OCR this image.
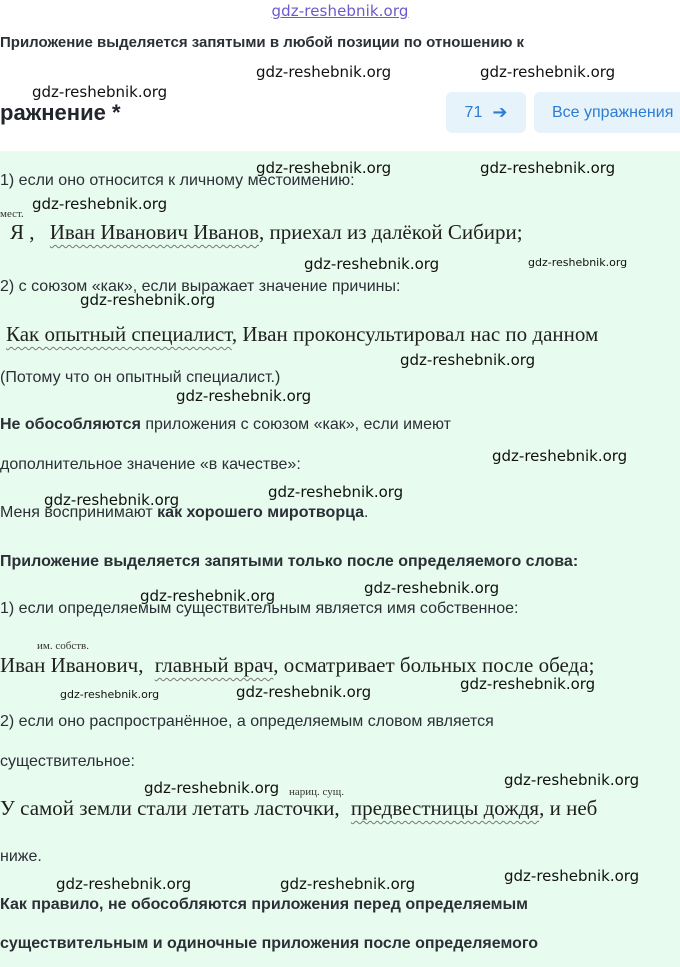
gdz-reshebnik.org
Приложение выделяется запятыми в любой позиции по отношению к
ражнение *	71 ➔	Все упражнения
1) если оно относится к личному местоимению:
мест.
Я , Иван Иванович Иванов, приехал из далёкой Сибири;
2) с союзом «как», если выражает значение причины:
Как опытный специалист, Иван проконсультировал нас по данном
(Потому что он опытный специалист.)
Не обособляются приложения с союзом «как», если имеют
дополнительное значение «в качестве»:
Меня воспринимают как хорошего миротворца.
Приложение выделяется запятыми только после определяемого слова:
1) если определяемым существительным является имя собственное:
им. собств.
Иван Иванович, главный врач, осматривает больных после обеда;
2) если оно распространённое, а определяемым словом является
существительное:
нариц. сущ.
У самой земли стали летать ласточки, предвестницы дождя, и неб
ниже.
Как правило, не обособляются приложения перед определяемым
существительным и одиночные приложения после определяемого
gdz-reshebnik.org	gdz-reshebnik.org
gdz-reshebnik.org
gdz-reshebnik.org	gdz-reshebnik.org
gdz-reshebnik.org
gdz-reshebnik.org	gdz-reshebnik.org
gdz-reshebnik.org
gdz-reshebnik.org
gdz-reshebnik.org
gdz-reshebnik.org
gdz-reshebnik.org
gdz-reshebnik.org
gdz-reshebnik.org
gdz-reshebnik.org
gdz-reshebnik.org
gdz-reshebnik.org
gdz-reshebnik.org
gdz-reshebnik.org
gdz-reshebnik.org
gdz-reshebnik.org
gdz-reshebnik.org	gdz-reshebnik.org
